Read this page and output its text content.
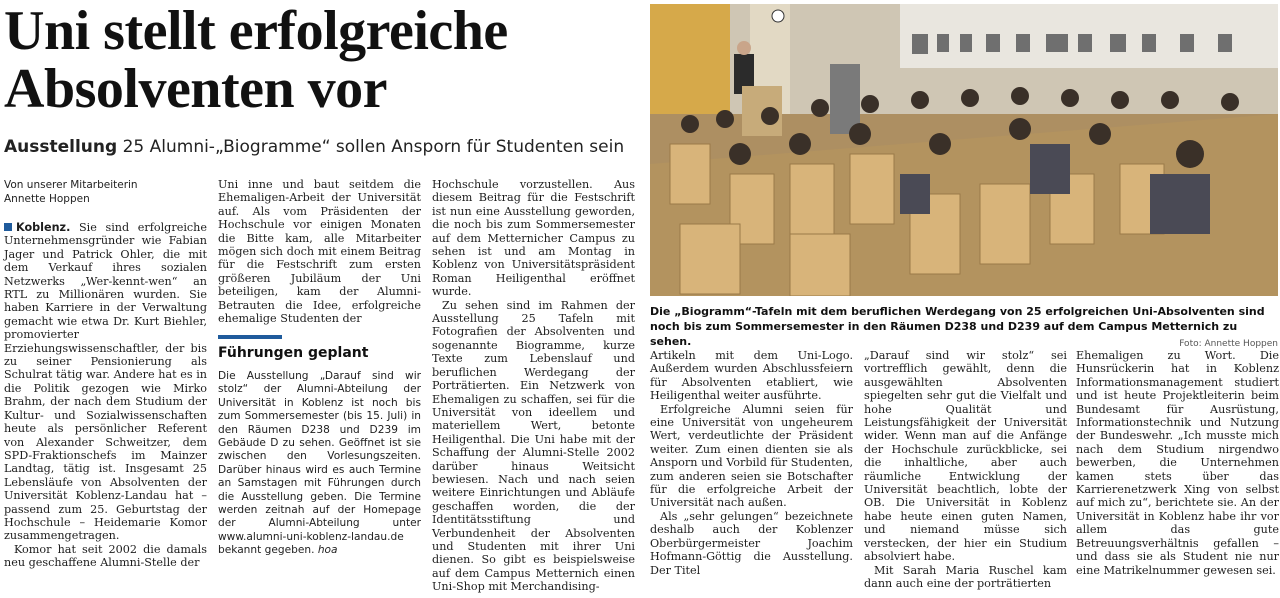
Uni stellt erfolgreiche
Absolventen vor
Ausstellung 25 Alumni-„Biogramme“ sollen Ansporn für Studenten sein
Von unserer Mitarbeiterin
Annette Hoppen

Koblenz. Sie sind erfolgreiche Unternehmensgründer wie Fabian Jager und Patrick Ohler, die mit dem Verkauf ihres sozialen Netzwerks „Wer-kennt-wen“ an RTL zu Millionären wurden. Sie haben Karriere in der Verwaltung gemacht wie etwa Dr. Kurt Biehler, promovierter Erziehungswissenschaftler, der bis zu seiner Pensionierung als Schulrat tätig war. Andere hat es in die Politik gezogen wie Mirko Brahm, der nach dem Studium der Kultur- und Sozialwissenschaften heute als persönlicher Referent von Alexander Schweitzer, dem SPD-Fraktionschefs im Mainzer Landtag, tätig ist. Insgesamt 25 Lebensläufe von Absolventen der Universität Koblenz-Landau hat – passend zum 25. Geburtstag der Hochschule – Heidemarie Komor zusammengetragen.

Komor hat seit 2002 die damals neu geschaffene Alumni-Stelle der

Uni inne und baut seitdem die Ehemaligen-Arbeit der Universität auf. Als vom Präsidenten der Hochschule vor einigen Monaten die Bitte kam, alle Mitarbeiter mögen sich doch mit einem Beitrag für die Festschrift zum ersten größeren Jubiläum der Uni beteiligen, kam der Alumni-Betrauten die Idee, erfolgreiche ehemalige Studenten der

Führungen geplant

Die Ausstellung „Darauf sind wir stolz“ der Alumni-Abteilung der Universität in Koblenz ist noch bis zum Sommersemester (bis 15. Juli) in den Räumen D238 und D239 im Gebäude D zu sehen. Geöffnet ist sie zwischen den Vorlesungszeiten. Darüber hinaus wird es auch Termine an Samstagen mit Führungen durch die Ausstellung geben. Die Termine werden zeitnah auf der Homepage der Alumni-Abteilung unter www.alumni-uni-koblenz-landau.de bekannt gegeben. hoa

Hochschule vorzustellen. Aus diesem Beitrag für die Festschrift ist nun eine Ausstellung geworden, die noch bis zum Sommersemester auf dem Metternicher Campus zu sehen ist und am Montag in Koblenz von Universitätspräsident Roman Heiligenthal eröffnet wurde.

Zu sehen sind im Rahmen der Ausstellung 25 Tafeln mit Fotografien der Absolventen und sogenannte Biogramme, kurze Texte zum Lebenslauf und beruflichen Werdegang der Porträtierten. Ein Netzwerk von Ehemaligen zu schaffen, sei für die Universität von ideellem und materiellem Wert, betonte Heiligenthal. Die Uni habe mit der Schaffung der Alumni-Stelle 2002 darüber hinaus Weitsicht bewiesen. Nach und nach seien weitere Einrichtungen und Abläufe geschaffen worden, die der Identitätsstiftung und Verbundenheit der Absolventen und Studenten mit ihrer Uni dienen. So gibt es beispielsweise auf dem Campus Metternich einen Uni-Shop mit Merchandising-

Die „Biogramm“-Tafeln mit dem beruflichen Werdegang von 25 erfolgreichen Uni-Absolventen sind noch bis zum Sommersemester in den Räumen D238 und D239 auf dem Campus Metternich zu sehen.	Foto: Annette Hoppen

Artikeln mit dem Uni-Logo. Außerdem wurden Abschlussfeiern für Absolventen etabliert, wie Heiligenthal weiter ausführte.

Erfolgreiche Alumni seien für eine Universität von ungeheurem Wert, verdeutlichte der Präsident weiter. Zum einen dienten sie als Ansporn und Vorbild für Studenten, zum anderen seien sie Botschafter für die erfolgreiche Arbeit der Universität nach außen.

Als „sehr gelungen“ bezeichnete deshalb auch der Koblenzer Oberbürgermeister Joachim Hofmann-Göttig die Ausstellung. Der Titel

„Darauf sind wir stolz“ sei vortrefflich gewählt, denn die ausgewählten Absolventen spiegelten sehr gut die Vielfalt und hohe Qualität und Leistungsfähigkeit der Universität wider. Wenn man auf die Anfänge der Hochschule zurückblicke, sei die inhaltliche, aber auch räumliche Entwicklung der Universität beachtlich, lobte der OB. Die Universität in Koblenz habe heute einen guten Namen, und niemand müsse sich verstecken, der hier ein Studium absolviert habe.

Mit Sarah Maria Ruschel kam dann auch eine der porträtierten

Ehemaligen zu Wort. Die Hunsrückerin hat in Koblenz Informationsmanagement studiert und ist heute Projektleiterin beim Bundesamt für Ausrüstung, Informationstechnik und Nutzung der Bundeswehr. „Ich musste mich nach dem Studium nirgendwo bewerben, die Unternehmen kamen stets über das Karrierenetzwerk Xing von selbst auf mich zu“, berichtete sie. An der Universität in Koblenz habe ihr vor allem das gute Betreuungsverhältnis gefallen – und dass sie als Student nie nur eine Matrikelnummer gewesen sei.
